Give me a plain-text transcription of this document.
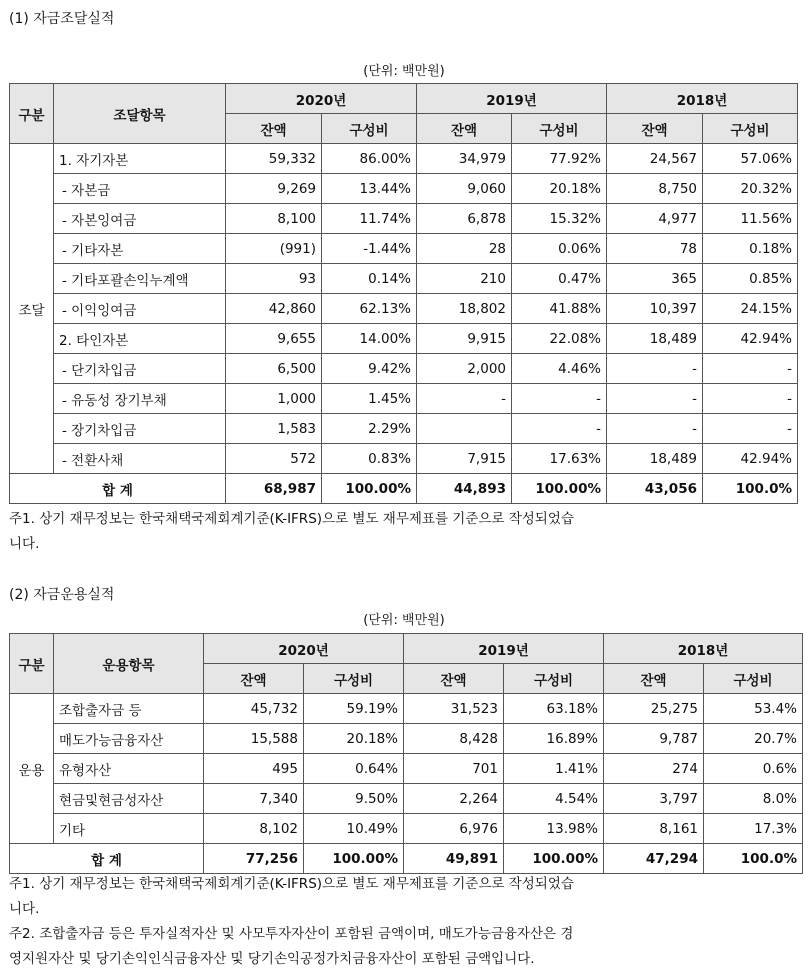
(1) 자금조달실적
(단위: 백만원)
구분	조달항목	2020년		2019년		2018년	
		잔액	구성비	잔액	구성비	잔액	구성비
조달	1. 자기자본	59,332	86.00%	34,979	77.92%	24,567	57.06%
	- 자본금	9,269	13.44%	9,060	20.18%	8,750	20.32%
	- 자본잉여금	8,100	11.74%	6,878	15.32%	4,977	11.56%
	- 기타자본	(991)	-1.44%	28	0.06%	78	0.18%
	- 기타포괄손익누계액	93	0.14%	210	0.47%	365	0.85%
	- 이익잉여금	42,860	62.13%	18,802	41.88%	10,397	24.15%
	2. 타인자본	9,655	14.00%	9,915	22.08%	18,489	42.94%
	- 단기차입금	6,500	9.42%	2,000	4.46%	-	-
	- 유동성 장기부채	1,000	1.45%	-	-	-	-
	- 장기차입금	1,583	2.29%		-	-	-
	- 전환사채	572	0.83%	7,915	17.63%	18,489	42.94%
합 계		68,987	100.00%	44,893	100.00%	43,056	100.0%
주1. 상기 재무정보는 한국채택국제회계기준(K-IFRS)으로 별도 재무제표를 기준으로 작성되었습
니다.
(2) 자금운용실적
(단위: 백만원)
구분	운용항목	2020년		2019년		2018년	
		잔액	구성비	잔액	구성비	잔액	구성비
운용	조합출자금 등	45,732	59.19%	31,523	63.18%	25,275	53.4%
	매도가능금융자산	15,588	20.18%	8,428	16.89%	9,787	20.7%
	유형자산	495	0.64%	701	1.41%	274	0.6%
	현금및현금성자산	7,340	9.50%	2,264	4.54%	3,797	8.0%
	기타	8,102	10.49%	6,976	13.98%	8,161	17.3%
합 계		77,256	100.00%	49,891	100.00%	47,294	100.0%
주1. 상기 재무정보는 한국채택국제회계기준(K-IFRS)으로 별도 재무제표를 기준으로 작성되었습
니다.
주2. 조합출자금 등은 투자실적자산 및 사모투자자산이 포함된 금액이며, 매도가능금융자산은 경
영지원자산 및 당기손익인식금융자산 및 당기손익공정가치금융자산이 포함된 금액입니다.
